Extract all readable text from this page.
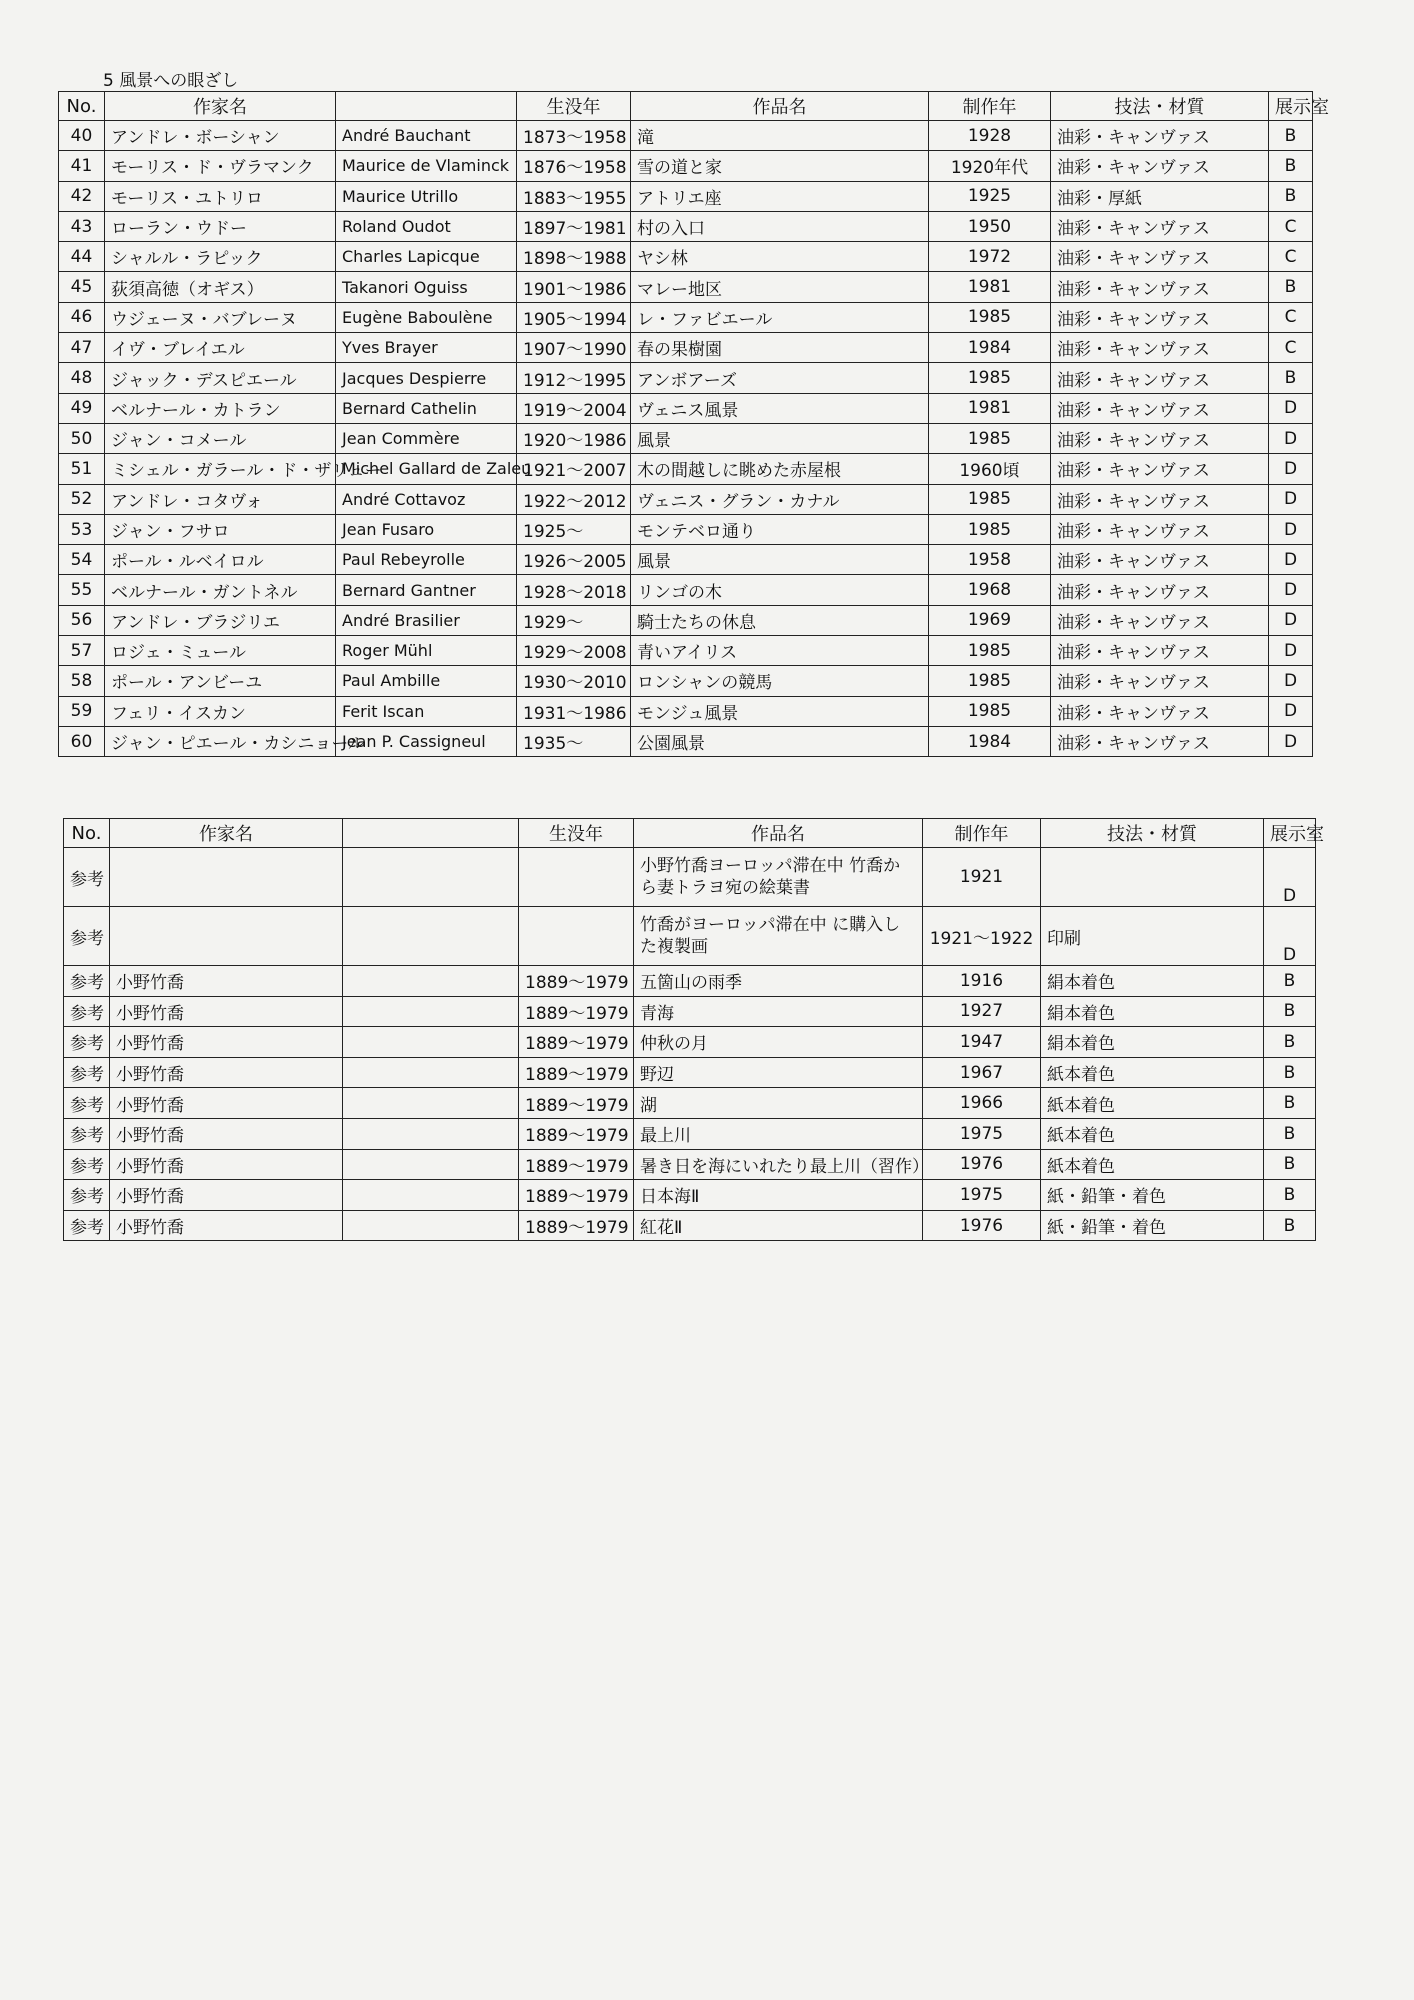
5 風景への眼ざし
No.	作家名		生没年	作品名	制作年	技法・材質	展示室
40	アンドレ・ボーシャン	André Bauchant	1873～1958	滝	1928	油彩・キャンヴァス	B
41	モーリス・ド・ヴラマンク	Maurice de Vlaminck	1876～1958	雪の道と家	1920年代	油彩・キャンヴァス	B
42	モーリス・ユトリロ	Maurice Utrillo	1883～1955	アトリエ座	1925	油彩・厚紙	B
43	ローラン・ウドー	Roland Oudot	1897～1981	村の入口	1950	油彩・キャンヴァス	C
44	シャルル・ラピック	Charles Lapicque	1898～1988	ヤシ林	1972	油彩・キャンヴァス	C
45	荻須高徳（オギス）	Takanori Oguiss	1901～1986	マレー地区	1981	油彩・キャンヴァス	B
46	ウジェーヌ・バブレーヌ	Eugène Baboulène	1905～1994	レ・ファビエール	1985	油彩・キャンヴァス	C
47	イヴ・ブレイエル	Yves Brayer	1907～1990	春の果樹園	1984	油彩・キャンヴァス	C
48	ジャック・デスピエール	Jacques Despierre	1912～1995	アンボアーズ	1985	油彩・キャンヴァス	B
49	ベルナール・カトラン	Bernard Cathelin	1919～2004	ヴェニス風景	1981	油彩・キャンヴァス	D
50	ジャン・コメール	Jean Commère	1920～1986	風景	1985	油彩・キャンヴァス	D
51	ミシェル・ガラール・ド・ザリュー	Michel Gallard de Zaleu	1921～2007	木の間越しに眺めた赤屋根	1960頃	油彩・キャンヴァス	D
52	アンドレ・コタヴォ	André Cottavoz	1922～2012	ヴェニス・グラン・カナル	1985	油彩・キャンヴァス	D
53	ジャン・フサロ	Jean Fusaro	1925～	モンテベロ通り	1985	油彩・キャンヴァス	D
54	ポール・ルベイロル	Paul Rebeyrolle	1926～2005	風景	1958	油彩・キャンヴァス	D
55	ベルナール・ガントネル	Bernard Gantner	1928～2018	リンゴの木	1968	油彩・キャンヴァス	D
56	アンドレ・ブラジリエ	André Brasilier	1929～	騎士たちの休息	1969	油彩・キャンヴァス	D
57	ロジェ・ミュール	Roger Mühl	1929～2008	青いアイリス	1985	油彩・キャンヴァス	D
58	ポール・アンビーユ	Paul Ambille	1930～2010	ロンシャンの競馬	1985	油彩・キャンヴァス	D
59	フェリ・イスカン	Ferit Iscan	1931～1986	モンジュ風景	1985	油彩・キャンヴァス	D
60	ジャン・ピエール・カシニョール	Jean P. Cassigneul	1935～	公園風景	1984	油彩・キャンヴァス	D
No.	作家名		生没年	作品名	制作年	技法・材質	展示室
参考				小野竹喬ヨーロッパ滞在中 竹喬から妻トラヨ宛の絵葉書	1921		D
参考				竹喬がヨーロッパ滞在中 に購入した複製画	1921～1922	印刷	D
参考	小野竹喬		1889～1979	五箇山の雨季	1916	絹本着色	B
参考	小野竹喬		1889～1979	青海	1927	絹本着色	B
参考	小野竹喬		1889～1979	仲秋の月	1947	絹本着色	B
参考	小野竹喬		1889～1979	野辺	1967	紙本着色	B
参考	小野竹喬		1889～1979	湖	1966	紙本着色	B
参考	小野竹喬		1889～1979	最上川	1975	紙本着色	B
参考	小野竹喬		1889～1979	暑き日を海にいれたり最上川（習作）	1976	紙本着色	B
参考	小野竹喬		1889～1979	日本海Ⅱ	1975	紙・鉛筆・着色	B
参考	小野竹喬		1889～1979	紅花Ⅱ	1976	紙・鉛筆・着色	B
